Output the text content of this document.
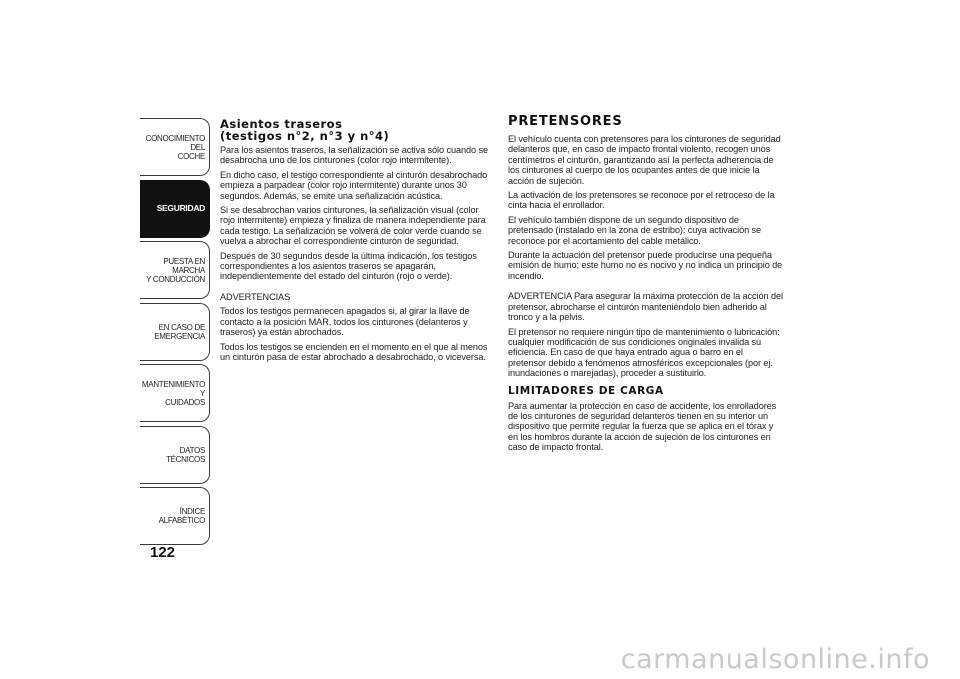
CONOCIMIENTO DEL
COCHE
SEGURIDAD
PUESTA EN MARCHA
Y CONDUCCIÓN
EN CASO DE
EMERGENCIA
MANTENIMIENTO Y
CUIDADOS
DATOS TÉCNICOS
ÍNDICE ALFABÉTICO
122
Asientos traseros
(testigos n°2, n°3 y n°4)

Para los asientos traseros, la señalización se activa sólo cuando se desabrocha uno de los cinturones (color rojo intermitente).

En dicho caso, el testigo correspondiente al cinturón desabrochado empieza a parpadear (color rojo intermitente) durante unos 30 segundos. Además, se emite una señalización acústica.

Si se desabrochan varios cinturones, la señalización visual (color rojo intermitente) empieza y finaliza de manera independiente para cada testigo. La señalización se volverá de color verde cuando se vuelva a abrochar el correspondiente cinturón de seguridad.

Después de 30 segundos desde la última indicación, los testigos correspondientes a los asientos traseros se apagarán, independientemente del estado del cinturón (rojo o verde).

ADVERTENCIAS

Todos los testigos permanecen apagados si, al girar la llave de contacto a la posición MAR, todos los cinturones (delanteros y traseros) ya están abrochados.

Todos los testigos se encienden en el momento en el que al menos un cinturón pasa de estar abrochado a desabrochado, o viceversa.

PRETENSORES

El vehículo cuenta con pretensores para los cinturones de seguridad delanteros que, en caso de impacto frontal violento, recogen unos centímetros el cinturón, garantizando así la perfecta adherencia de los cinturones al cuerpo de los ocupantes antes de que inicie la acción de sujeción.

La activación de los pretensores se reconoce por el retroceso de la cinta hacia el enrollador.

El vehículo también dispone de un segundo dispositivo de pretensado (instalado en la zona de estribo): cuya activación se reconoce por el acortamiento del cable metálico.

Durante la actuación del pretensor puede producirse una pequeña emisión de humo; este humo no es nocivo y no indica un principio de incendio.

ADVERTENCIA Para asegurar la máxima protección de la acción del pretensor, abrocharse el cinturón manteniéndolo bien adherido al tronco y a la pelvis.

El pretensor no requiere ningún tipo de mantenimiento o lubricación: cualquier modificación de sus condiciones originales invalida su eficiencia. En caso de que haya entrado agua o barro en el pretensor debido a fenómenos atmosféricos excepcionales (por ej. inundaciones o marejadas), proceder a sustituirlo.

LIMITADORES DE CARGA

Para aumentar la protección en caso de accidente, los enrolladores de los cinturones de seguridad delanteros tienen en su interior un dispositivo que permite regular la fuerza que se aplica en el tórax y en los hombros durante la acción de sujeción de los cinturones en caso de impacto frontal.

carmanualsonline.info
